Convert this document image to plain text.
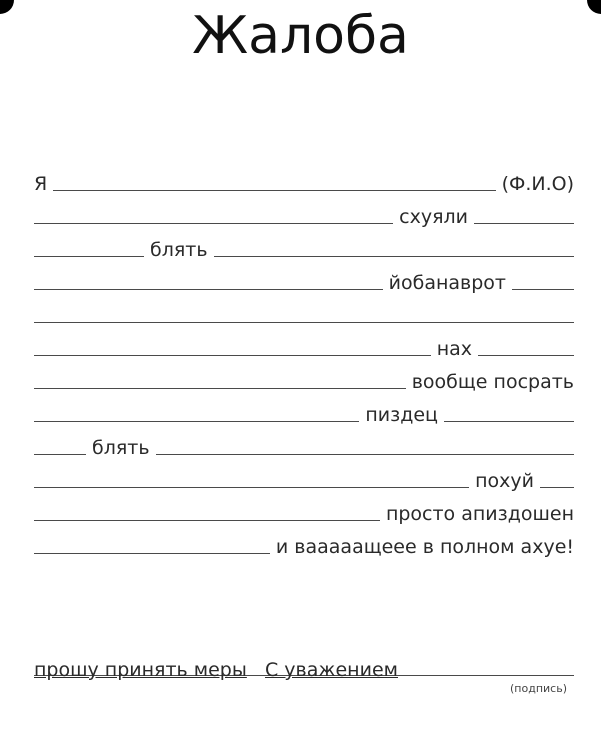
Жалоба
Я	(Ф.И.О)
схуяли
блять
йобанаврот
нах
вообще посрать
пиздец
блять
похуй
просто апиздошен
и вааааащеее в полном ахуе!
прошу принять меры С уважением
(подпись)
